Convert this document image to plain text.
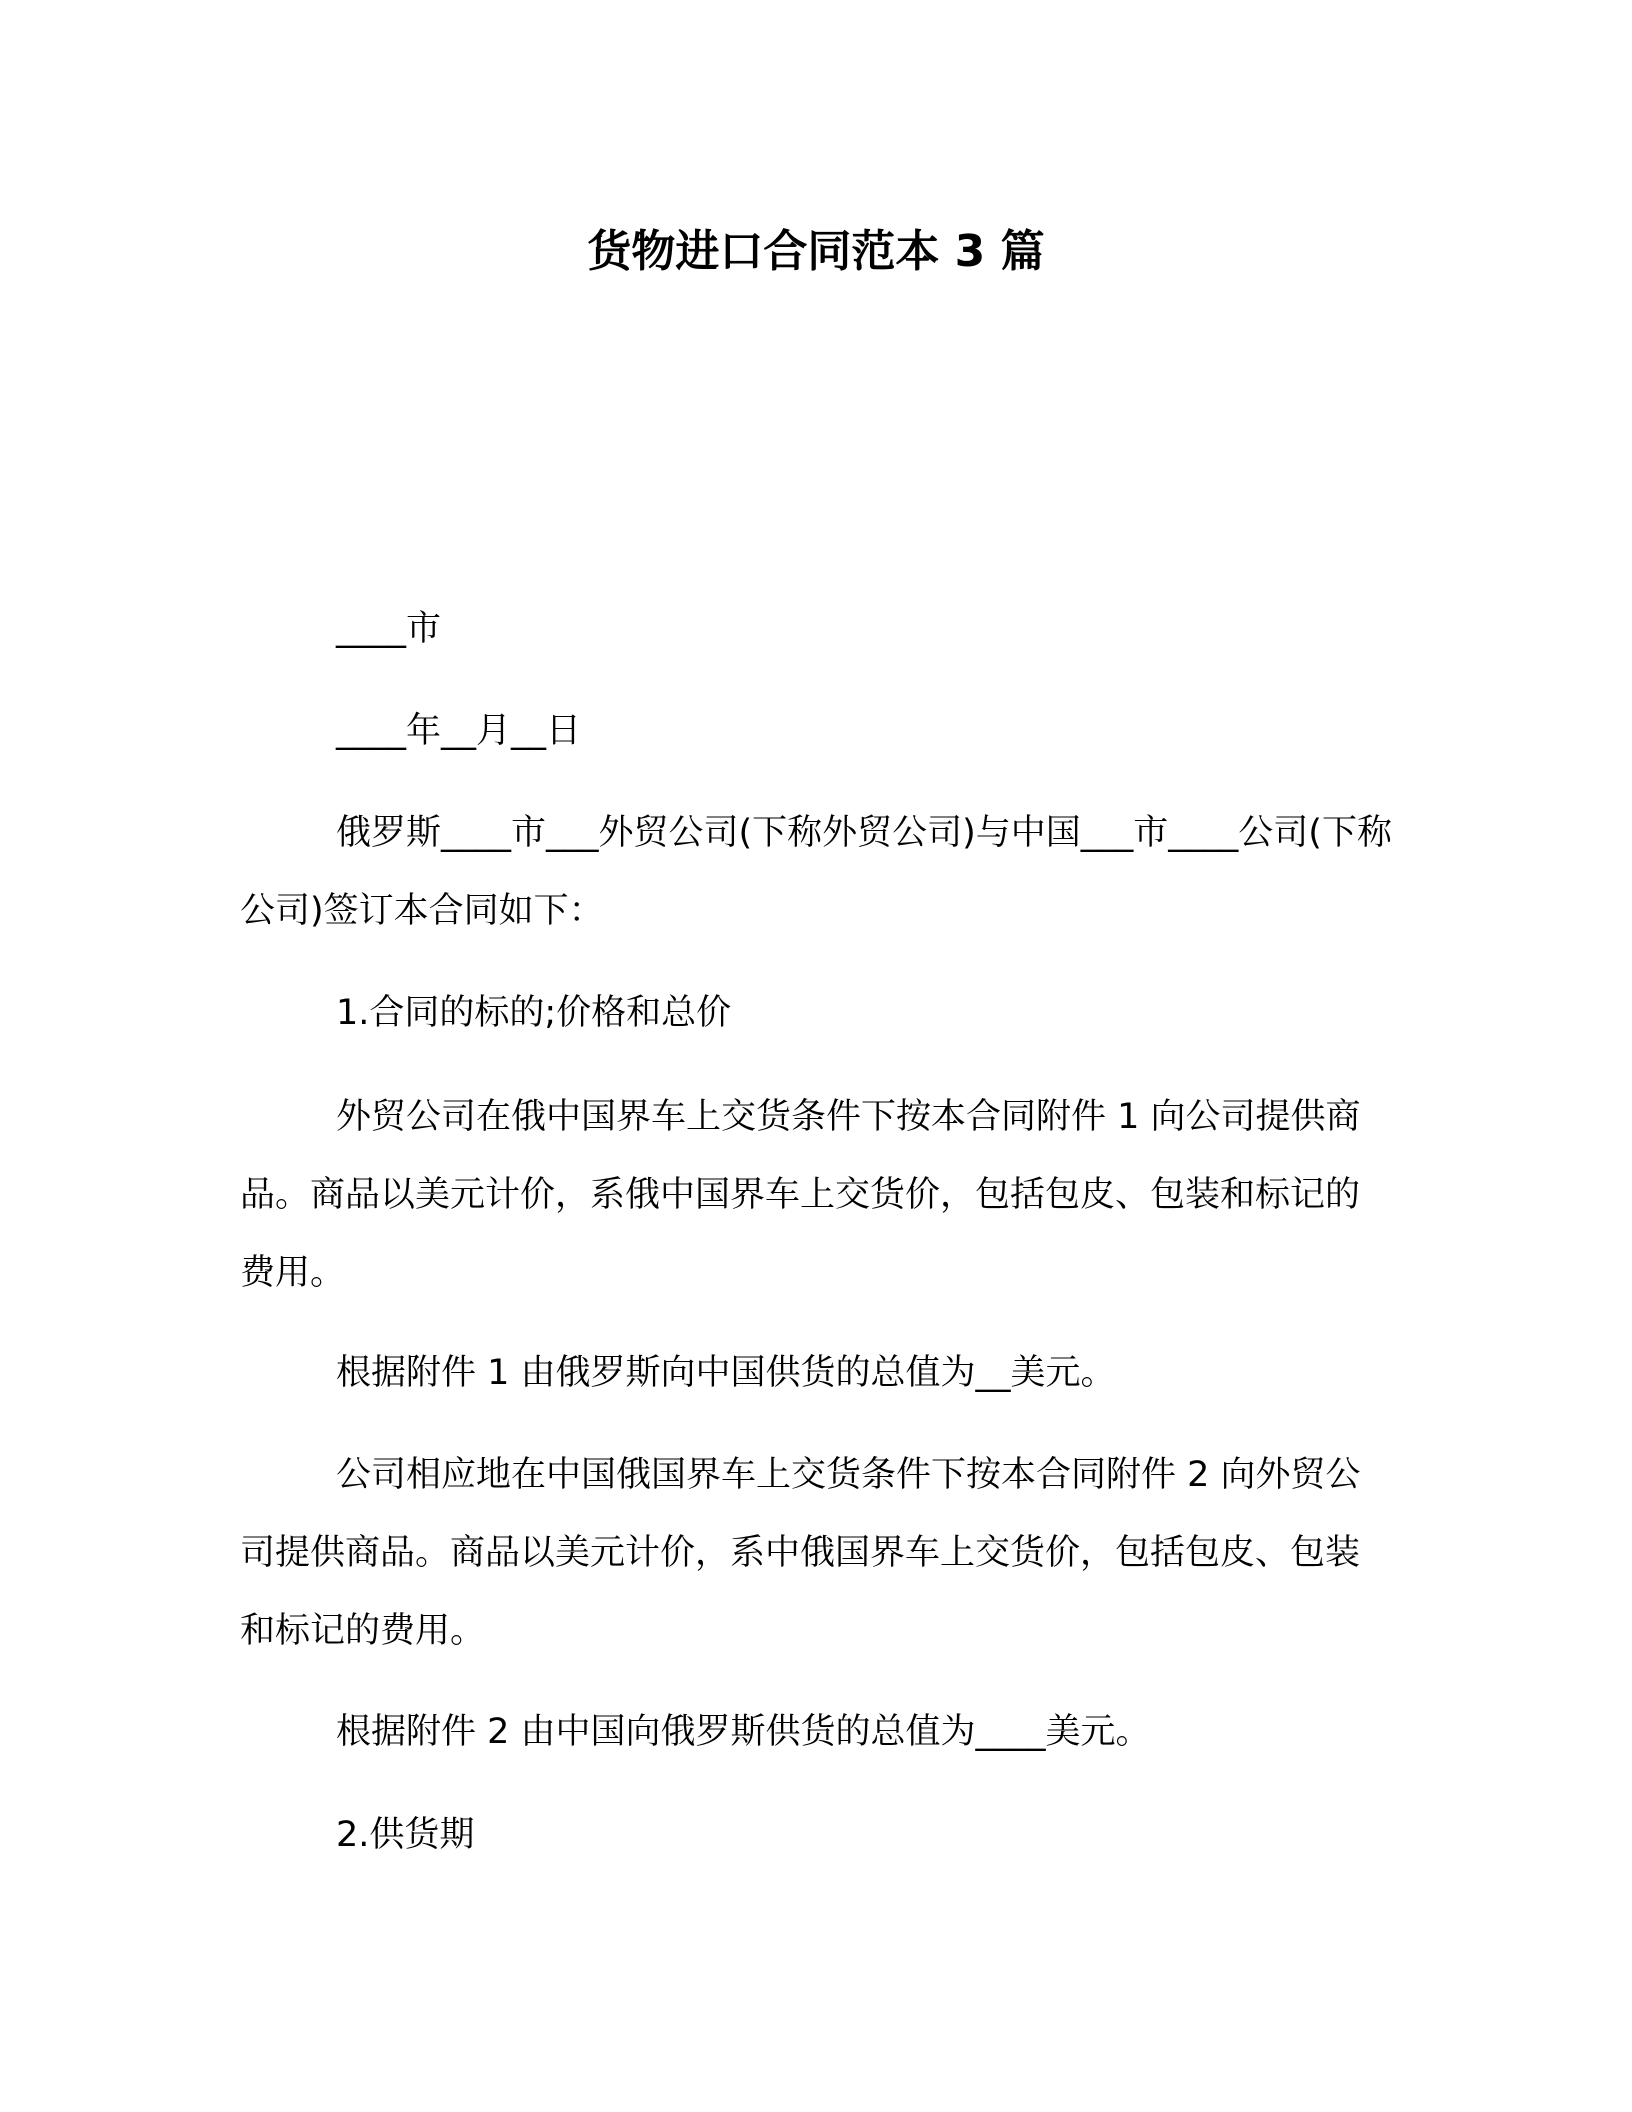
货物进口合同范本 3 篇

____市

____年__月__日

俄罗斯____市___外贸公司(下称外贸公司)与中国___市____公司(下称公司)签订本合同如下：

1.合同的标的;价格和总价

外贸公司在俄中国界车上交货条件下按本合同附件 1 向公司提供商品。商品以美元计价，系俄中国界车上交货价，包括包皮、包装和标记的费用。

根据附件 1 由俄罗斯向中国供货的总值为__美元。

公司相应地在中国俄国界车上交货条件下按本合同附件 2 向外贸公司提供商品。商品以美元计价，系中俄国界车上交货价，包括包皮、包装和标记的费用。

根据附件 2 由中国向俄罗斯供货的总值为____美元。

2.供货期
